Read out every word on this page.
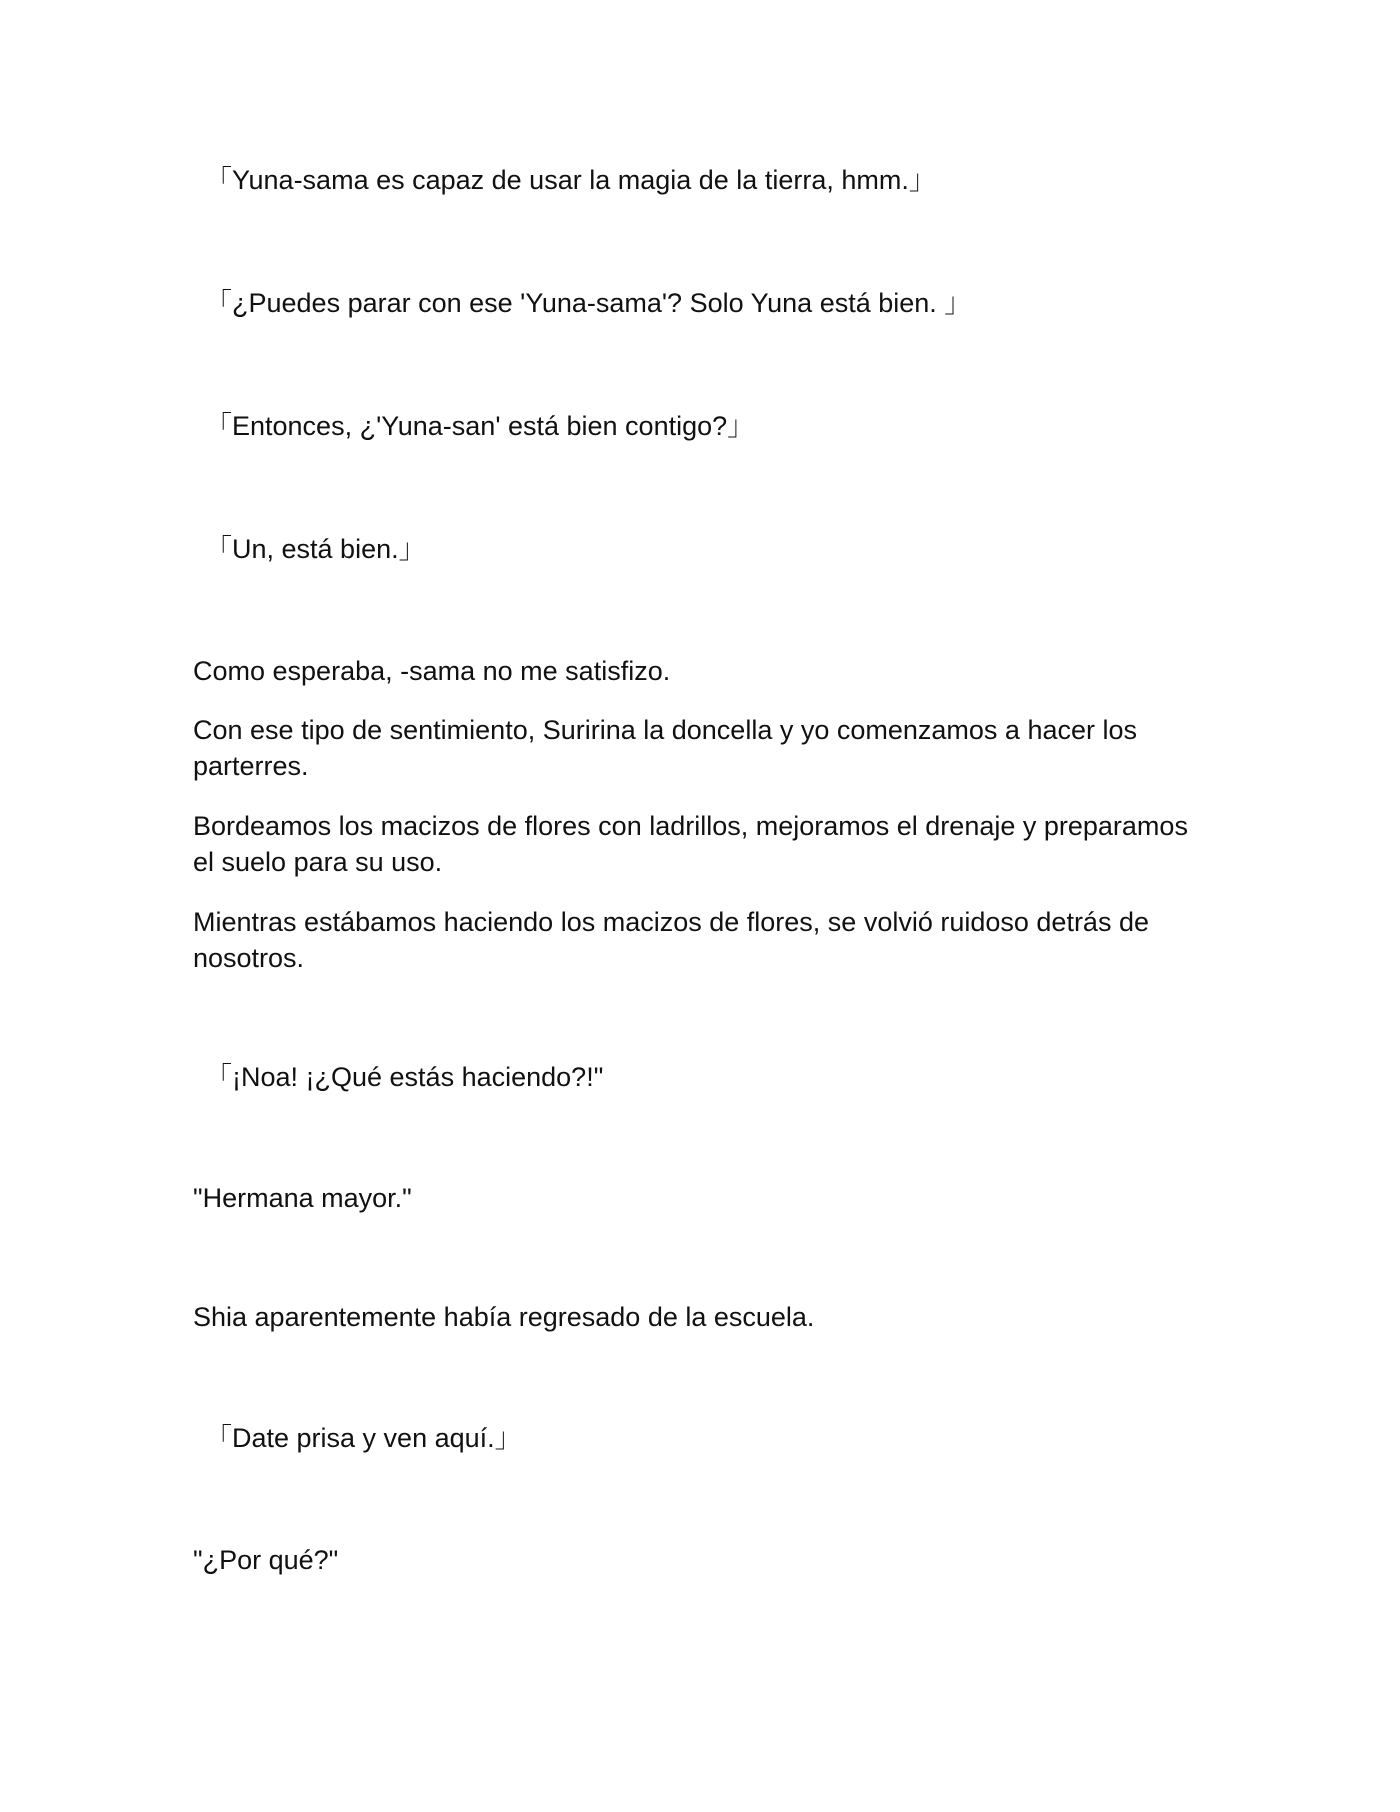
「Yuna-sama es capaz de usar la magia de la tierra, hmm.」

「¿Puedes parar con ese 'Yuna-sama'? Solo Yuna está bien. 」

「Entonces, ¿'Yuna-san' está bien contigo?」

「Un, está bien.」

Como esperaba, -sama no me satisfizo.

Con ese tipo de sentimiento, Suririna la doncella y yo comenzamos a hacer los parterres.

Bordeamos los macizos de flores con ladrillos, mejoramos el drenaje y preparamos el suelo para su uso.

Mientras estábamos haciendo los macizos de flores, se volvió ruidoso detrás de nosotros.

「¡Noa! ¡¿Qué estás haciendo?!"

"Hermana mayor."

Shia aparentemente había regresado de la escuela.

「Date prisa y ven aquí.」

"¿Por qué?"
